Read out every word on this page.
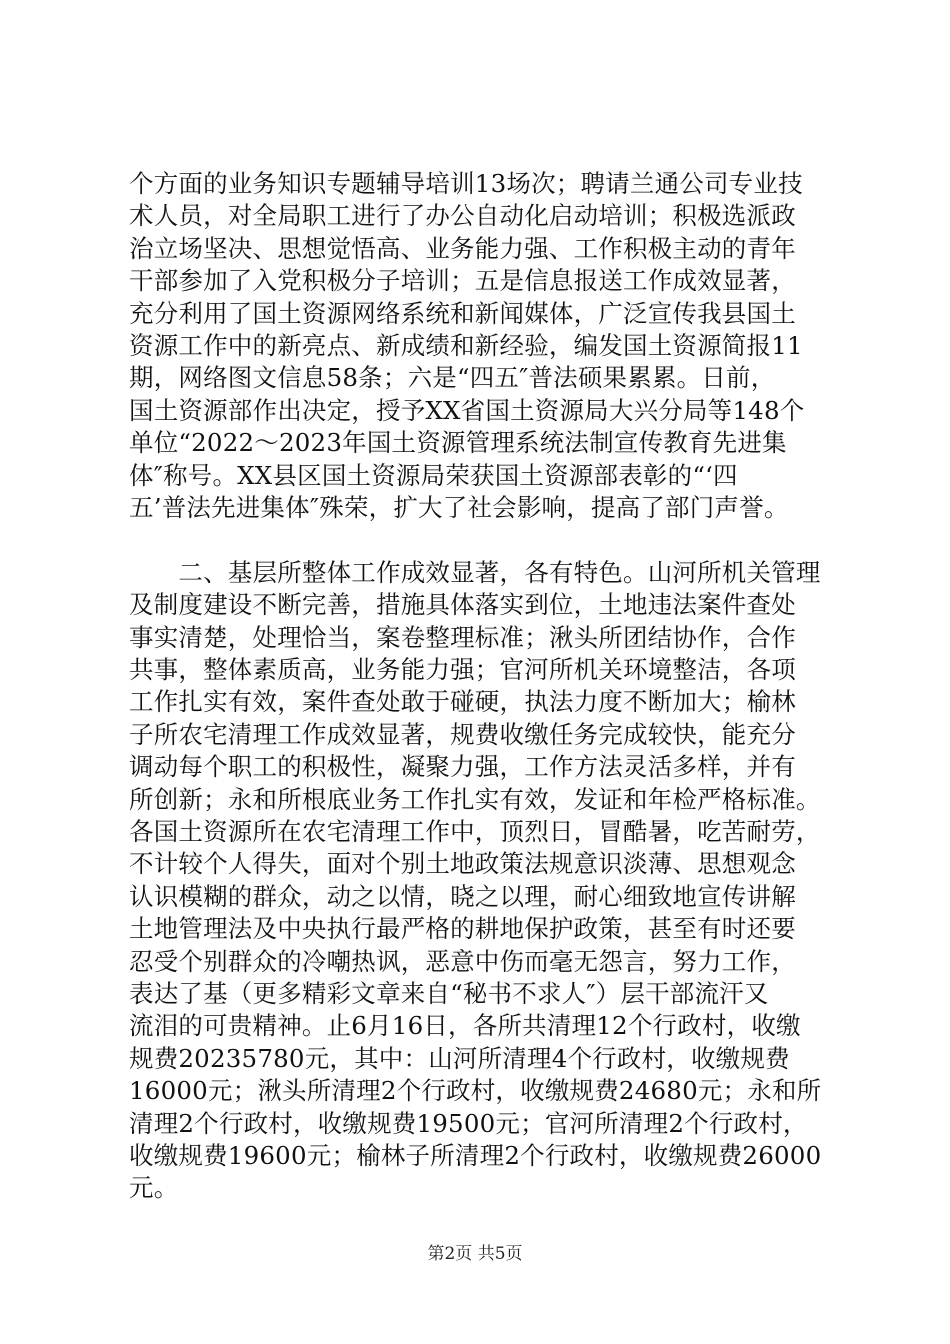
个方面的业务知识专题辅导培训13场次；聘请兰通公司专业技
术人员，对全局职工进行了办公自动化启动培训；积极选派政
治立场坚决、思想觉悟高、业务能力强、工作积极主动的青年
干部参加了入党积极分子培训；五是信息报送工作成效显著，
充分利用了国土资源网络系统和新闻媒体，广泛宣传我县国土
资源工作中的新亮点、新成绩和新经验，编发国土资源简报11
期，网络图文信息58条；六是“四五″普法硕果累累。日前，
国土资源部作出决定，授予XX省国土资源局大兴分局等148个
单位“2022～2023年国土资源管理系统法制宣传教育先进集
体″称号。XX县区国土资源局荣获国土资源部表彰的“‘四
五’普法先进集体″殊荣，扩大了社会影响，提高了部门声誉。
　　二、基层所整体工作成效显著，各有特色。山河所机关管理
及制度建设不断完善，措施具体落实到位，土地违法案件查处
事实清楚，处理恰当，案卷整理标准；湫头所团结协作，合作
共事，整体素质高，业务能力强；官河所机关环境整洁，各项
工作扎实有效，案件查处敢于碰硬，执法力度不断加大；榆林
子所农宅清理工作成效显著，规费收缴任务完成较快，能充分
调动每个职工的积极性，凝聚力强，工作方法灵活多样，并有
所创新；永和所根底业务工作扎实有效，发证和年检严格标准。
各国土资源所在农宅清理工作中，顶烈日，冒酷暑，吃苦耐劳，
不计较个人得失，面对个别土地政策法规意识淡薄、思想观念
认识模糊的群众，动之以情，晓之以理，耐心细致地宣传讲解
土地管理法及中央执行最严格的耕地保护政策，甚至有时还要
忍受个别群众的冷嘲热讽，恶意中伤而毫无怨言，努力工作，
表达了基（更多精彩文章来自“秘书不求人″）层干部流汗又
流泪的可贵精神。止6月16日，各所共清理12个行政村，收缴
规费20235780元，其中：山河所清理4个行政村，收缴规费
16000元；湫头所清理2个行政村，收缴规费24680元；永和所
清理2个行政村，收缴规费19500元；官河所清理2个行政村，
收缴规费19600元；榆林子所清理2个行政村，收缴规费26000
元。
第2页 共5页
